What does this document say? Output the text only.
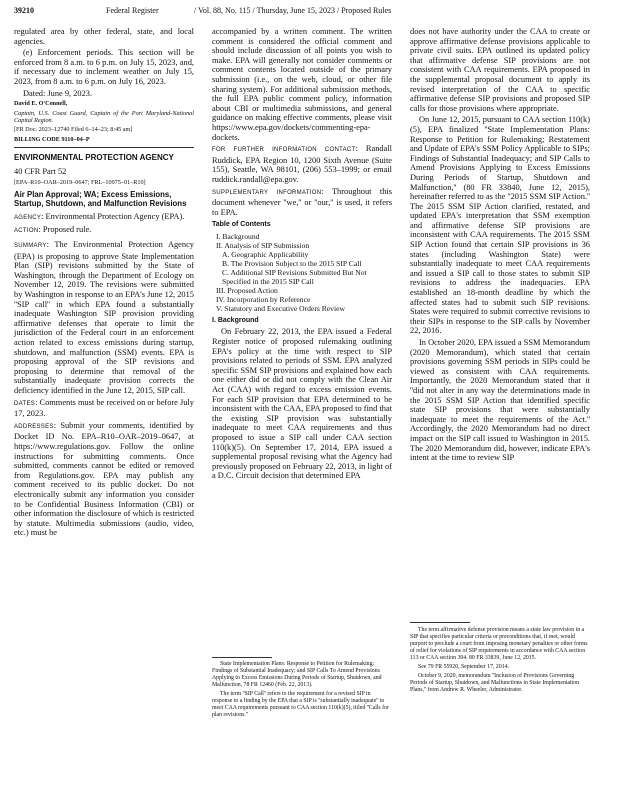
39210	Federal Register	/ Vol. 88, No. 115 / Thursday, June 15, 2023 / Proposed Rules

regulated area by other federal, state, and local agencies.

(e) Enforcement periods. This section will be enforced from 8 a.m. to 6 p.m. on July 15, 2023, and, if necessary due to inclement weather on July 15, 2023, from 8 a.m. to 6 p.m. on July 16, 2023.

Dated: June 9, 2023.

David E. O'Connell,

Captain, U.S. Coast Guard, Captain of the Port Maryland-National Capital Region.

[FR Doc. 2023–12740 Filed 6–14–23; 8:45 am]

BILLING CODE 9110–04–P

ENVIRONMENTAL PROTECTION AGENCY

40 CFR Part 52

[EPA–R10–OAR–2019–0647; FRL–10975–01–R10]

Air Plan Approval; WA; Excess Emissions, Startup, Shutdown, and Malfunction Revisions

AGENCY: Environmental Protection Agency (EPA).

ACTION: Proposed rule.

SUMMARY: The Environmental Protection Agency (EPA) is proposing to approve State Implementation Plan (SIP) revisions submitted by the State of Washington, through the Department of Ecology on November 12, 2019. The revisions were submitted by Washington in response to an EPA's June 12, 2015 ''SIP call'' in which EPA found a substantially inadequate Washington SIP provision providing affirmative defenses that operate to limit the jurisdiction of the Federal court in an enforcement action related to excess emissions during startup, shutdown, and malfunction (SSM) events. EPA is proposing approval of the SIP revisions and proposing to determine that removal of the substantially inadequate provision corrects the deficiency identified in the June 12, 2015, SIP call.

DATES: Comments must be received on or before July 17, 2023.

ADDRESSES: Submit your comments, identified by Docket ID No. EPA–R10–OAR–2019–0647, at https://www.regulations.gov. Follow the online instructions for submitting comments. Once submitted, comments cannot be edited or removed from Regulations.gov. EPA may publish any comment received to its public docket. Do not electronically submit any information you consider to be Confidential Business Information (CBI) or other information the disclosure of which is restricted by statute. Multimedia submissions (audio, video, etc.) must be

accompanied by a written comment. The written comment is considered the official comment and should include discussion of all points you wish to make. EPA will generally not consider comments or comment contents located outside of the primary submission (i.e., on the web, cloud, or other file sharing system). For additional submission methods, the full EPA public comment policy, information about CBI or multimedia submissions, and general guidance on making effective comments, please visit https://www.epa.gov/dockets/commenting-epa-dockets.

FOR FURTHER INFORMATION CONTACT: Randall Ruddick, EPA Region 10, 1200 Sixth Avenue (Suite 155), Seattle, WA 98101, (206) 553–1999; or email ruddick.randall@epa.gov.

SUPPLEMENTARY INFORMATION: Throughout this document whenever ''we,'' or ''our,'' is used, it refers to EPA.

Table of Contents

I. Background

II. Analysis of SIP Submission

A. Geographic Applicability

B. The Provision Subject to the 2015 SIP Call

C. Additional SIP Revisions Submitted But Not Specified in the 2015 SIP Call

III. Proposed Action

IV. Incorporation by Reference

V. Statutory and Executive Orders Review

I. Background

On February 22, 2013, the EPA issued a Federal Register notice of proposed rulemaking outlining EPA's policy at the time with respect to SIP provisions related to periods of SSM. EPA analyzed specific SSM SIP provisions and explained how each one either did or did not comply with the Clean Air Act (CAA) with regard to excess emission events. For each SIP provision that EPA determined to be inconsistent with the CAA, EPA proposed to find that the existing SIP provision was substantially inadequate to meet CAA requirements and thus proposed to issue a SIP call under CAA section 110(k)(5). On September 17, 2014, EPA issued a supplemental proposal revising what the Agency had previously proposed on February 22, 2013, in light of a D.C. Circuit decision that determined EPA

State Implementation Plans: Response to Petition for Rulemaking; Findings of Substantial Inadequacy; and SIP Calls To Amend Provisions Applying to Excess Emissions During Periods of Startup, Shutdown, and Malfunction, 78 FR 12460 (Feb. 22, 2013).

The term ''SIP Call'' refers to the requirement for a revised SIP in response to a finding by the EPA that a SIP is ''substantially inadequate'' to meet CAA requirements pursuant to CAA section 110(k)(5), titled ''Calls for plan revisions.''

does not have authority under the CAA to create or approve affirmative defense provisions applicable to private civil suits. EPA outlined its updated policy that affirmative defense SIP provisions are not consistent with CAA requirements. EPA proposed in the supplemental proposal document to apply its revised interpretation of the CAA to specific affirmative defense SIP provisions and proposed SIP calls for those provisions where appropriate.

On June 12, 2015, pursuant to CAA section 110(k)(5), EPA finalized ''State Implementation Plans: Response to Petition for Rulemaking; Restatement and Update of EPA's SSM Policy Applicable to SIPs; Findings of Substantial Inadequacy; and SIP Calls to Amend Provisions Applying to Excess Emissions During Periods of Startup, Shutdown and Malfunction,'' (80 FR 33840, June 12, 2015), hereinafter referred to as the ''2015 SSM SIP Action.'' The 2015 SSM SIP Action clarified, restated, and updated EPA's interpretation that SSM exemption and affirmative defense SIP provisions are inconsistent with CAA requirements. The 2015 SSM SIP Action found that certain SIP provisions in 36 states (including Washington State) were substantially inadequate to meet CAA requirements and issued a SIP call to those states to submit SIP revisions to address the inadequacies. EPA established an 18-month deadline by which the affected states had to submit such SIP revisions. States were required to submit corrective revisions to their SIPs in response to the SIP calls by November 22, 2016.

In October 2020, EPA issued a SSM Memorandum (2020 Memorandum), which stated that certain provisions governing SSM periods in SIPs could be viewed as consistent with CAA requirements. Importantly, the 2020 Memorandum stated that it ''did not alter in any way the determinations made in the 2015 SSM SIP Action that identified specific state SIP provisions that were substantially inadequate to meet the requirements of the Act.'' Accordingly, the 2020 Memorandum had no direct impact on the SIP call issued to Washington in 2015. The 2020 Memorandum did, however, indicate EPA's intent at the time to review SIP

The term affirmative defense provision means a state law provision in a SIP that specifies particular criteria or preconditions that, if met, would purport to preclude a court from imposing monetary penalties or other forms of relief for violations of SIP requirements in accordance with CAA section 113 or CAA section 304. 80 FR 33839, June 12, 2015.

See 79 FR 55920, September 17, 2014.

October 9, 2020, memorandum ''Inclusion of Provisions Governing Periods of Startup, Shutdown, and Malfunctions in State Implementation Plans,'' from Andrew R. Wheeler, Administrator.
